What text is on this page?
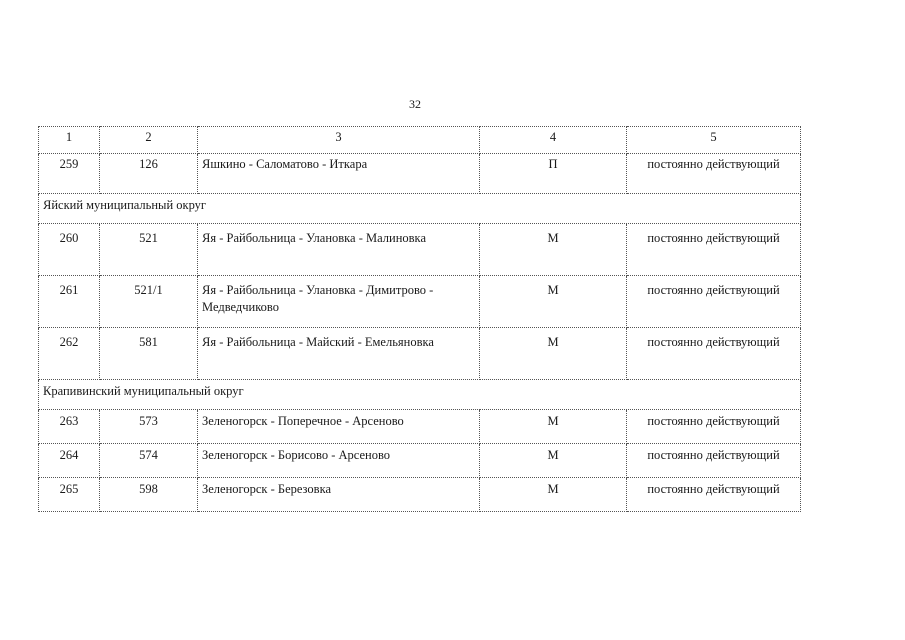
32
1	2	3	4	5
259	126	Яшкино - Саломатово - Иткара	П	постоянно действующий
Яйский муниципальный округ				
260	521	Яя - Райбольница - Улановка - Малиновка	М	постоянно действующий
261	521/1	Яя - Райбольница - Улановка - Димитрово - Медведчиково	М	постоянно действующий
262	581	Яя - Райбольница - Майский - Емельяновка	М	постоянно действующий
Крапивинский муниципальный округ				
263	573	Зеленогорск - Поперечное - Арсеново	М	постоянно действующий
264	574	Зеленогорск - Борисово - Арсеново	М	постоянно действующий
265	598	Зеленогорск - Березовка	М	постоянно действующий
